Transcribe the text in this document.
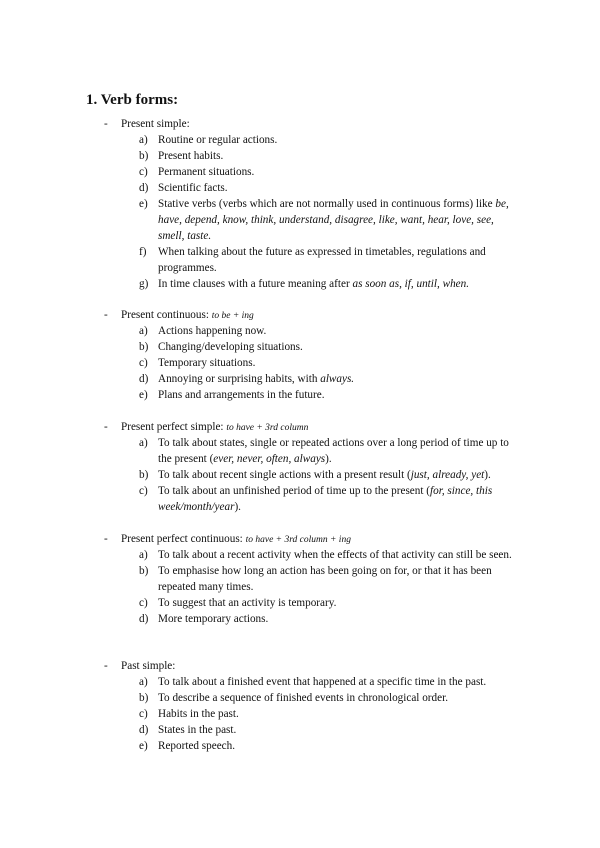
1. Verb forms:
- Present simple:
a) Routine or regular actions.
b) Present habits.
c) Permanent situations.
d) Scientific facts.
e) Stative verbs (verbs which are not normally used in continuous forms) like be, have, depend, know, think, understand, disagree, like, want, hear, love, see, smell, taste.
f) When talking about the future as expressed in timetables, regulations and programmes.
g) In time clauses with a future meaning after as soon as, if, until, when.
- Present continuous: to be + ing
a) Actions happening now.
b) Changing/developing situations.
c) Temporary situations.
d) Annoying or surprising habits, with always.
e) Plans and arrangements in the future.
- Present perfect simple: to have + 3rd column
a) To talk about states, single or repeated actions over a long period of time up to the present (ever, never, often, always).
b) To talk about recent single actions with a present result (just, already, yet).
c) To talk about an unfinished period of time up to the present (for, since, this week/month/year).
- Present perfect continuous: to have + 3rd column + ing
a) To talk about a recent activity when the effects of that activity can still be seen.
b) To emphasise how long an action has been going on for, or that it has been repeated many times.
c) To suggest that an activity is temporary.
d) More temporary actions.
- Past simple:
a) To talk about a finished event that happened at a specific time in the past.
b) To describe a sequence of finished events in chronological order.
c) Habits in the past.
d) States in the past.
e) Reported speech.
